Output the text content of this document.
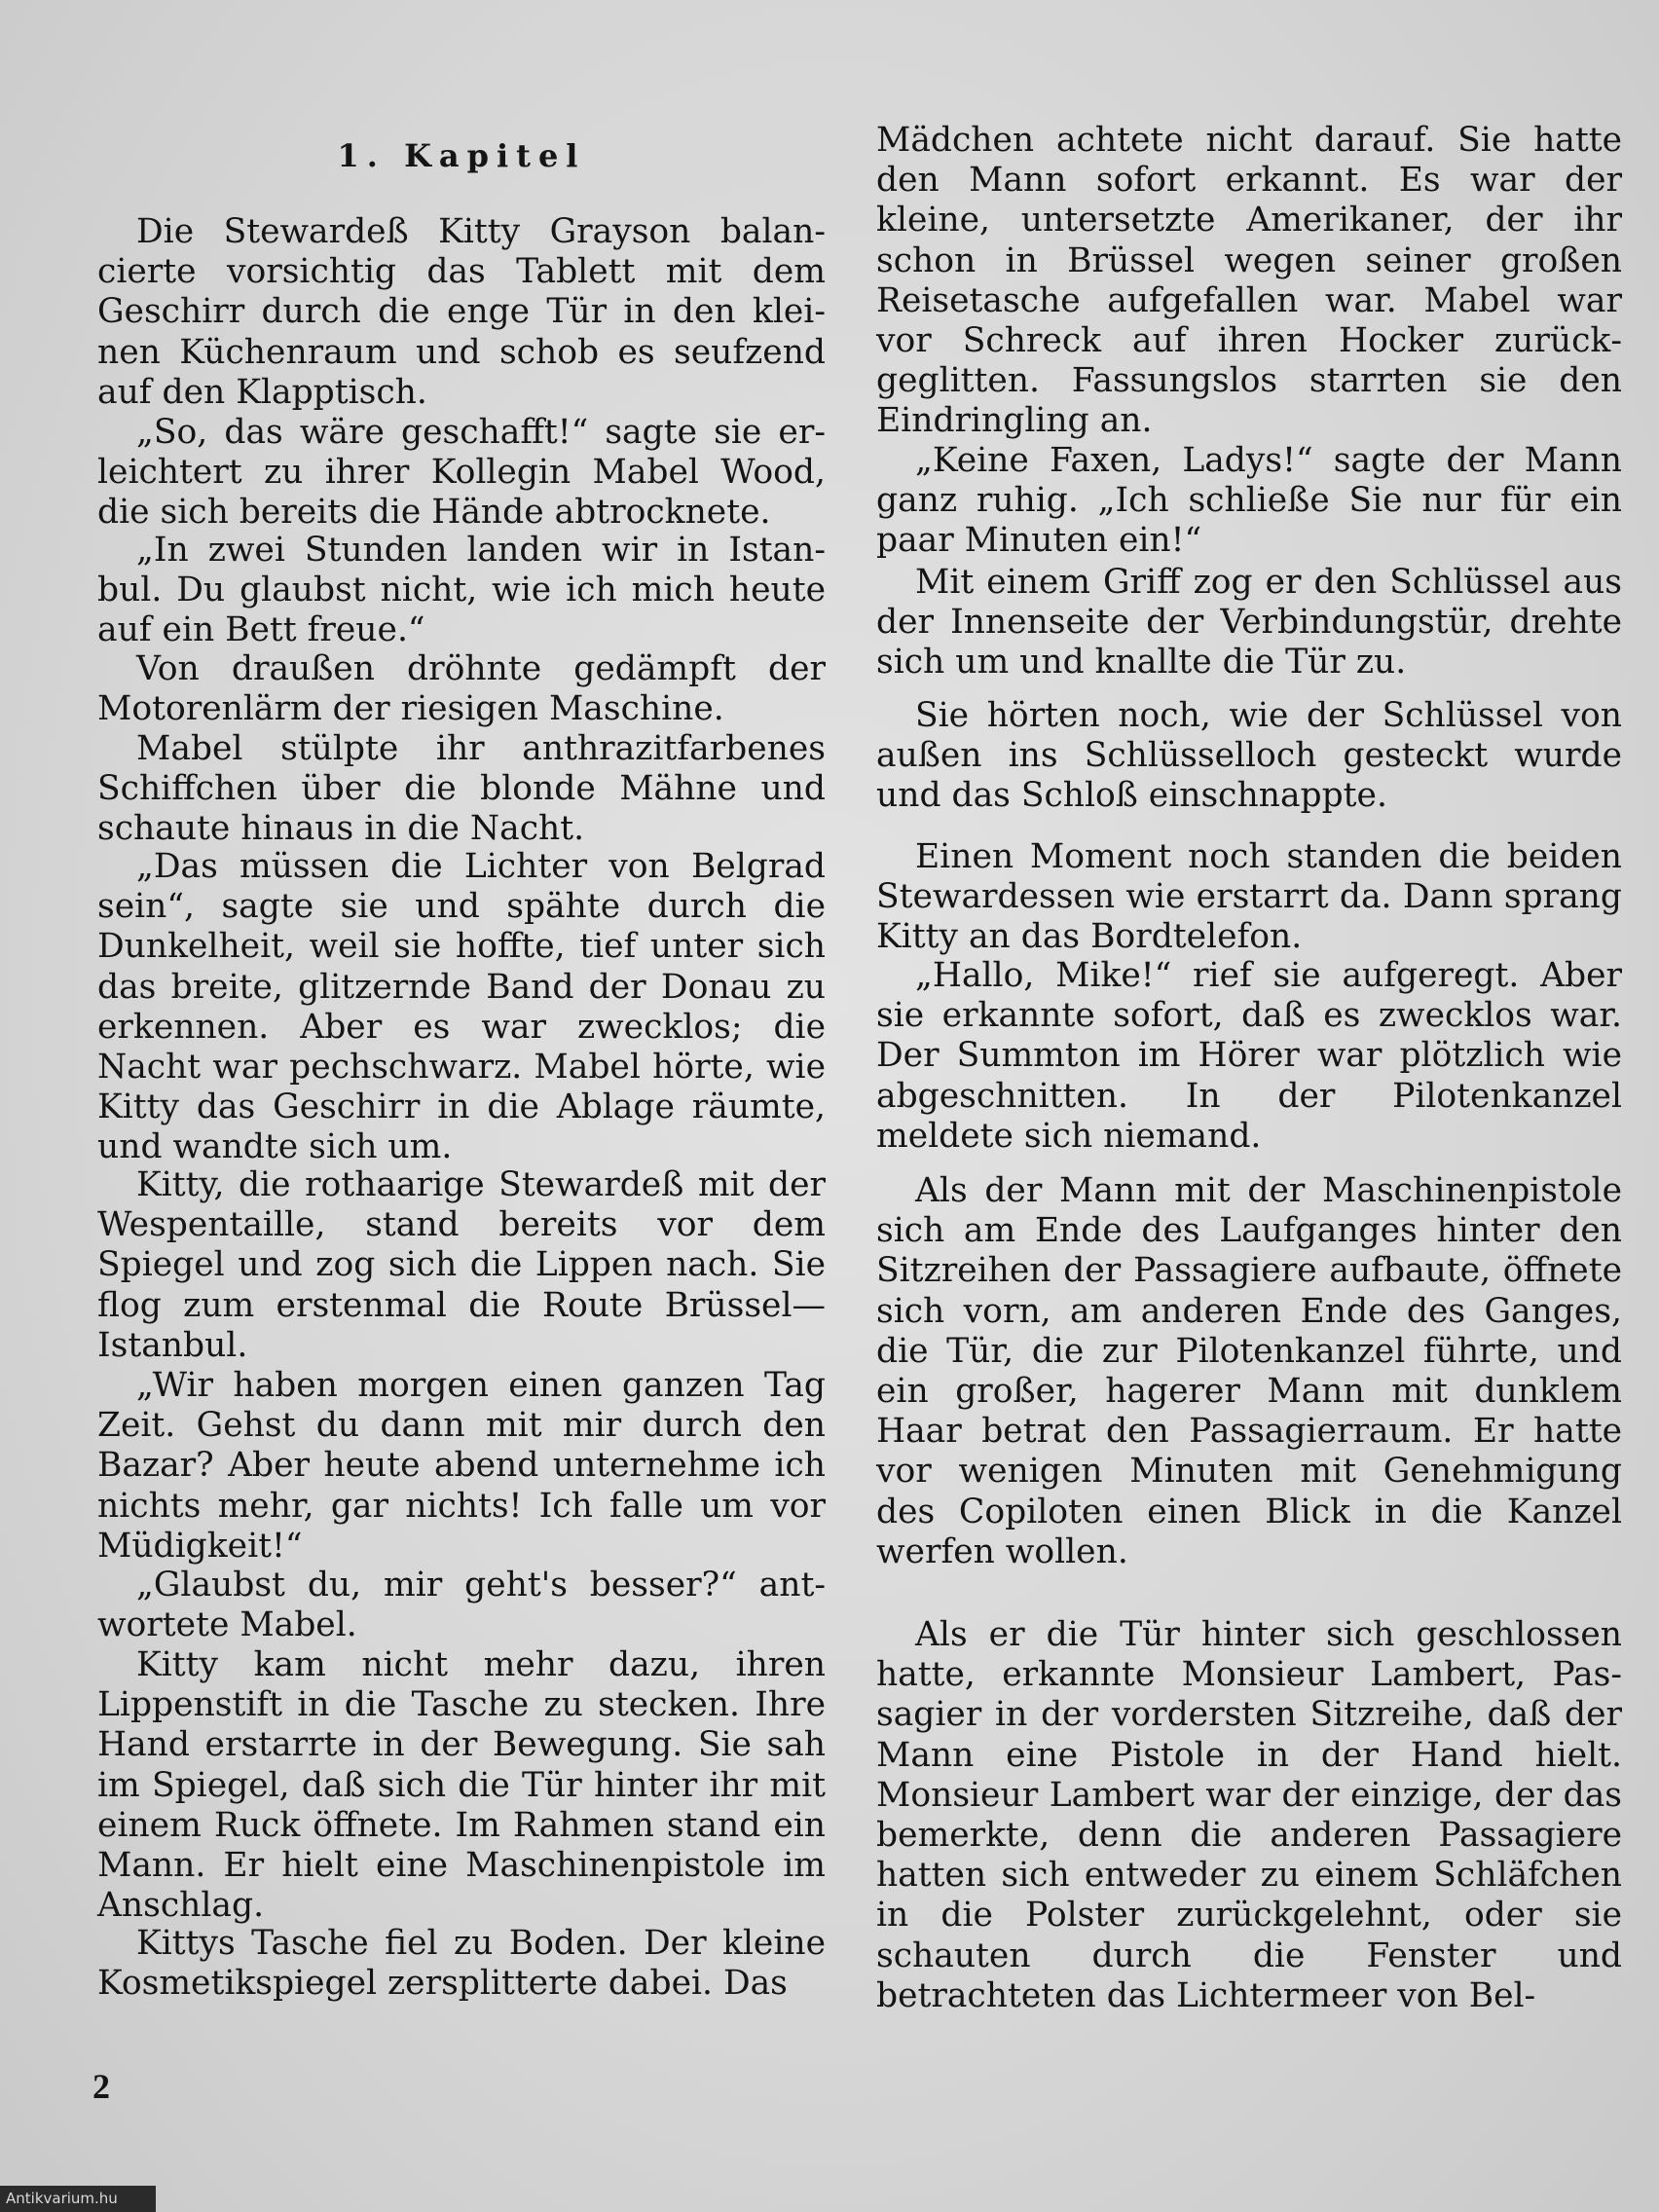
1. Kapitel

Die Stewardeß Kitty Grayson balancierte vorsichtig das Tablett mit dem Geschirr durch die enge Tür in den kleinen Küchenraum und schob es seufzend auf den Klapptisch.

„So, das wäre geschafft!“ sagte sie erleichtert zu ihrer Kollegin Mabel Wood, die sich bereits die Hände abtrocknete.

„In zwei Stunden landen wir in Istanbul. Du glaubst nicht, wie ich mich heute auf ein Bett freue.“

Von draußen dröhnte gedämpft der Motorenlärm der riesigen Maschine.

Mabel stülpte ihr anthrazitfarbenes Schiffchen über die blonde Mähne und schaute hinaus in die Nacht.

„Das müssen die Lichter von Belgrad sein“, sagte sie und spähte durch die Dunkelheit, weil sie hoffte, tief unter sich das breite, glitzernde Band der Donau zu erkennen. Aber es war zwecklos; die Nacht war pechschwarz. Mabel hörte, wie Kitty das Geschirr in die Ablage räumte, und wandte sich um.

Kitty, die rothaarige Stewardeß mit der Wespentaille, stand bereits vor dem Spiegel und zog sich die Lippen nach. Sie flog zum erstenmal die Route Brüssel—Istanbul.

„Wir haben morgen einen ganzen Tag Zeit. Gehst du dann mit mir durch den Bazar? Aber heute abend unternehme ich nichts mehr, gar nichts! Ich falle um vor Müdigkeit!“

„Glaubst du, mir geht's besser?“ antwortete Mabel.

Kitty kam nicht mehr dazu, ihren Lippenstift in die Tasche zu stecken. Ihre Hand erstarrte in der Bewegung. Sie sah im Spiegel, daß sich die Tür hinter ihr mit einem Ruck öffnete. Im Rahmen stand ein Mann. Er hielt eine Maschinenpistole im Anschlag.

Kittys Tasche fiel zu Boden. Der kleine Kosmetikspiegel zersplitterte dabei. Das

Mädchen achtete nicht darauf. Sie hatte den Mann sofort erkannt. Es war der kleine, untersetzte Amerikaner, der ihr schon in Brüssel wegen seiner großen Reisetasche aufgefallen war. Mabel war vor Schreck auf ihren Hocker zurückgeglitten. Fassungslos starrten sie den Eindringling an.

„Keine Faxen, Ladys!“ sagte der Mann ganz ruhig. „Ich schließe Sie nur für ein paar Minuten ein!“

Mit einem Griff zog er den Schlüssel aus der Innenseite der Verbindungstür, drehte sich um und knallte die Tür zu.

Sie hörten noch, wie der Schlüssel von außen ins Schlüsselloch gesteckt wurde und das Schloß einschnappte.

Einen Moment noch standen die beiden Stewardessen wie erstarrt da. Dann sprang Kitty an das Bordtelefon.

„Hallo, Mike!“ rief sie aufgeregt. Aber sie erkannte sofort, daß es zwecklos war. Der Summton im Hörer war plötzlich wie abgeschnitten. In der Pilotenkanzel meldete sich niemand.

Als der Mann mit der Maschinenpistole sich am Ende des Laufganges hinter den Sitzreihen der Passagiere aufbaute, öffnete sich vorn, am anderen Ende des Ganges, die Tür, die zur Pilotenkanzel führte, und ein großer, hagerer Mann mit dunklem Haar betrat den Passagierraum. Er hatte vor wenigen Minuten mit Genehmigung des Copiloten einen Blick in die Kanzel werfen wollen.

Als er die Tür hinter sich geschlossen hatte, erkannte Monsieur Lambert, Passagier in der vordersten Sitzreihe, daß der Mann eine Pistole in der Hand hielt. Monsieur Lambert war der einzige, der das bemerkte, denn die anderen Passagiere hatten sich entweder zu einem Schläfchen in die Polster zurückgelehnt, oder sie schauten durch die Fenster und betrachteten das Lichtermeer von Bel-

2

Antikvarium.hu
